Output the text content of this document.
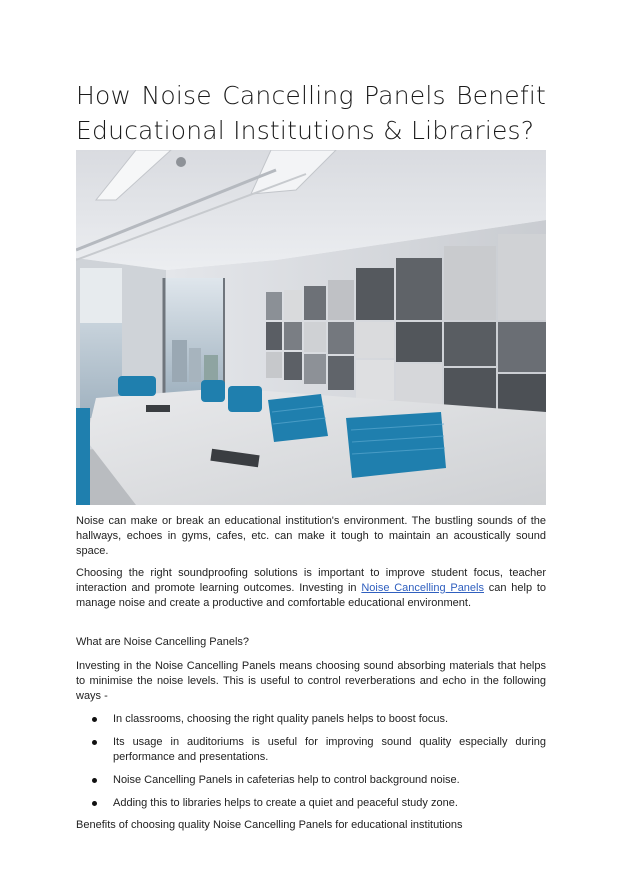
How Noise Cancelling Panels Benefit
Educational Institutions & Libraries?

Noise can make or break an educational institution's environment. The bustling sounds of the hallways, echoes in gyms, cafes, etc. can make it tough to maintain an acoustically sound space.

Choosing the right soundproofing solutions is important to improve student focus, teacher interaction and promote learning outcomes. Investing in Noise Cancelling Panels can help to manage noise and create a productive and comfortable educational environment.

What are Noise Cancelling Panels?

Investing in the Noise Cancelling Panels means choosing sound absorbing materials that helps to minimise the noise levels. This is useful to control reverberations and echo in the following ways -

In classrooms, choosing the right quality panels helps to boost focus.
Its usage in auditoriums is useful for improving sound quality especially during performance and presentations.
Noise Cancelling Panels in cafeterias help to control background noise.
Adding this to libraries helps to create a quiet and peaceful study zone.

Benefits of choosing quality Noise Cancelling Panels for educational institutions
